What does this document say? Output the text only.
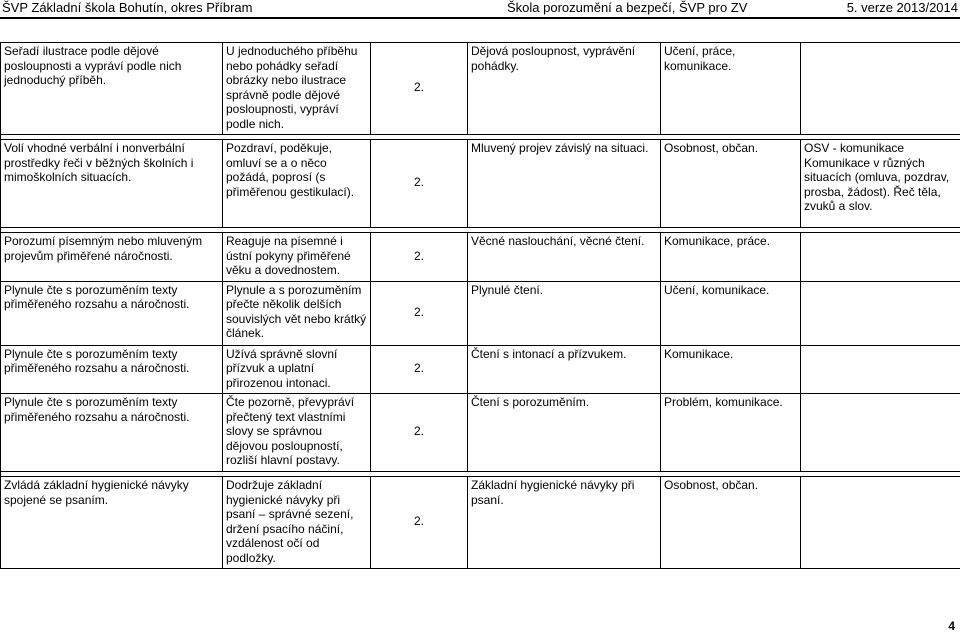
ŠVP Základní škola Bohutín, okres Příbram	Škola porozumění a bezpečí, ŠVP pro ZV	5. verze 2013/2014
Seřadí ilustrace podle dějové posloupnosti a vypráví podle nich jednoduchý příběh.	U jednoduchého příběhu nebo pohádky seřadí obrázky nebo ilustrace správně podle dějové posloupnosti, vypráví podle nich.	2.	Dějová posloupnost, vyprávění pohádky.	Učení, práce, komunikace.	

Volí vhodné verbální i nonverbální prostředky řeči v běžných školních i mimoškolních situacích.	Pozdraví, poděkuje, omluví se a o něco požádá, poprosí (s přiměřenou gestikulací).	2.	Mluvený projev závislý na situaci.	Osobnost, občan.	OSV - komunikace Komunikace v různých situacích (omluva, pozdrav, prosba, žádost). Řeč těla, zvuků a slov.

Porozumí písemným nebo mluveným projevům přiměřené náročnosti.	Reaguje na písemné i ústní pokyny přiměřené věku a dovednostem.	2.	Věcné naslouchání, věcné čtení.	Komunikace, práce.	
Plynule čte s porozuměním texty přiměřeného rozsahu a náročnosti.	Plynule a s porozuměním přečte několik delších souvislých vět nebo krátký článek.	2.	Plynulé čtení.	Učení, komunikace.	
Plynule čte s porozuměním texty přiměřeného rozsahu a náročnosti.	Užívá správně slovní přízvuk a uplatní přirozenou intonaci.	2.	Čtení s intonací a přízvukem.	Komunikace.	
Plynule čte s porozuměním texty přiměřeného rozsahu a náročnosti.	Čte pozorně, převypráví přečtený text vlastními slovy se správnou dějovou posloupností, rozliší hlavní postavy.	2.	Čtení s porozuměním.	Problém, komunikace.	

Zvládá základní hygienické návyky spojené se psaním.	Dodržuje základní hygienické návyky při psaní – správné sezení, držení psacího náčiní, vzdálenost očí od podložky.	2.	Základní hygienické návyky při psaní.	Osobnost, občan.	
4
